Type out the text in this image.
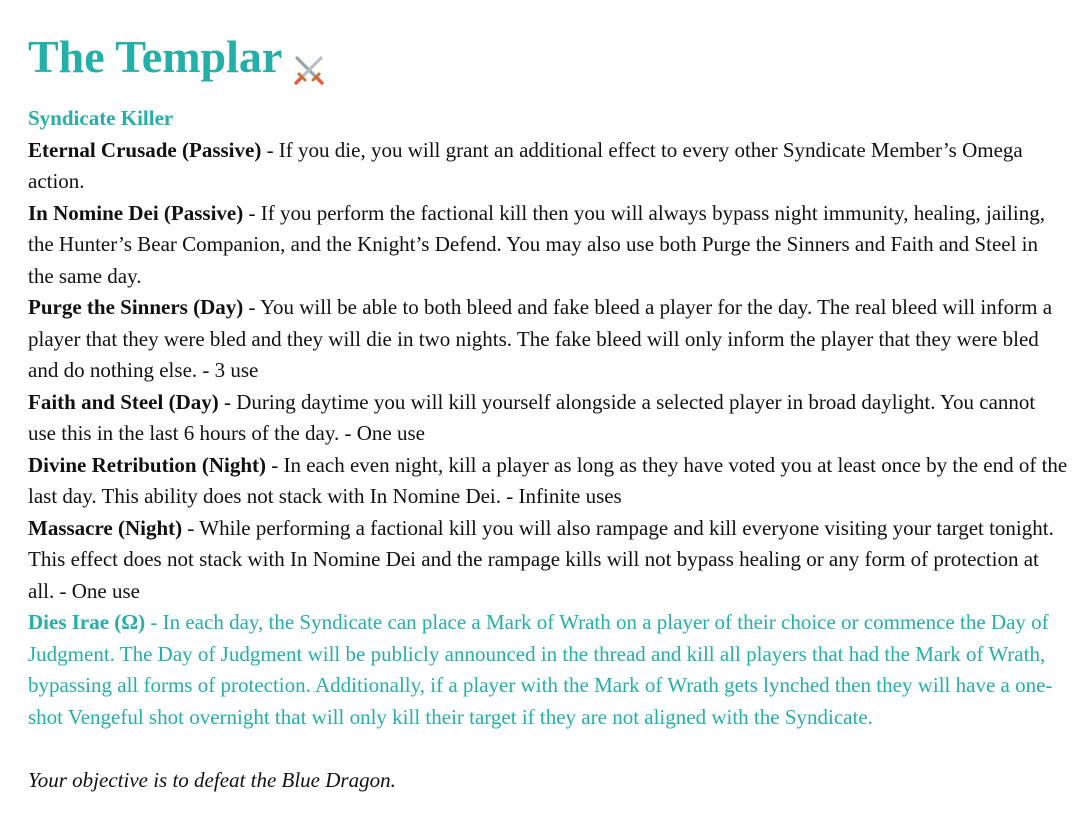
The Templar
Syndicate Killer

Eternal Crusade (Passive) - If you die, you will grant an additional effect to every other Syndicate Member’s Omega action.

In Nomine Dei (Passive) - If you perform the factional kill then you will always bypass night immunity, healing, jailing, the Hunter’s Bear Companion, and the Knight’s Defend. You may also use both Purge the Sinners and Faith and Steel in the same day.

Purge the Sinners (Day) - You will be able to both bleed and fake bleed a player for the day. The real bleed will inform a player that they were bled and they will die in two nights. The fake bleed will only inform the player that they were bled and do nothing else. - 3 use

Faith and Steel (Day) - During daytime you will kill yourself alongside a selected player in broad daylight. You cannot use this in the last 6 hours of the day. - One use

Divine Retribution (Night) - In each even night, kill a player as long as they have voted you at least once by the end of the last day. This ability does not stack with In Nomine Dei. - Infinite uses

Massacre (Night) - While performing a factional kill you will also rampage and kill everyone visiting your target tonight. This effect does not stack with In Nomine Dei and the rampage kills will not bypass healing or any form of protection at all. - One use

Dies Irae (Ω) - In each day, the Syndicate can place a Mark of Wrath on a player of their choice or commence the Day of Judgment. The Day of Judgment will be publicly announced in the thread and kill all players that had the Mark of Wrath, bypassing all forms of protection. Additionally, if a player with the Mark of Wrath gets lynched then they will have a one-shot Vengeful shot overnight that will only kill their target if they are not aligned with the Syndicate.

Your objective is to defeat the Blue Dragon.
